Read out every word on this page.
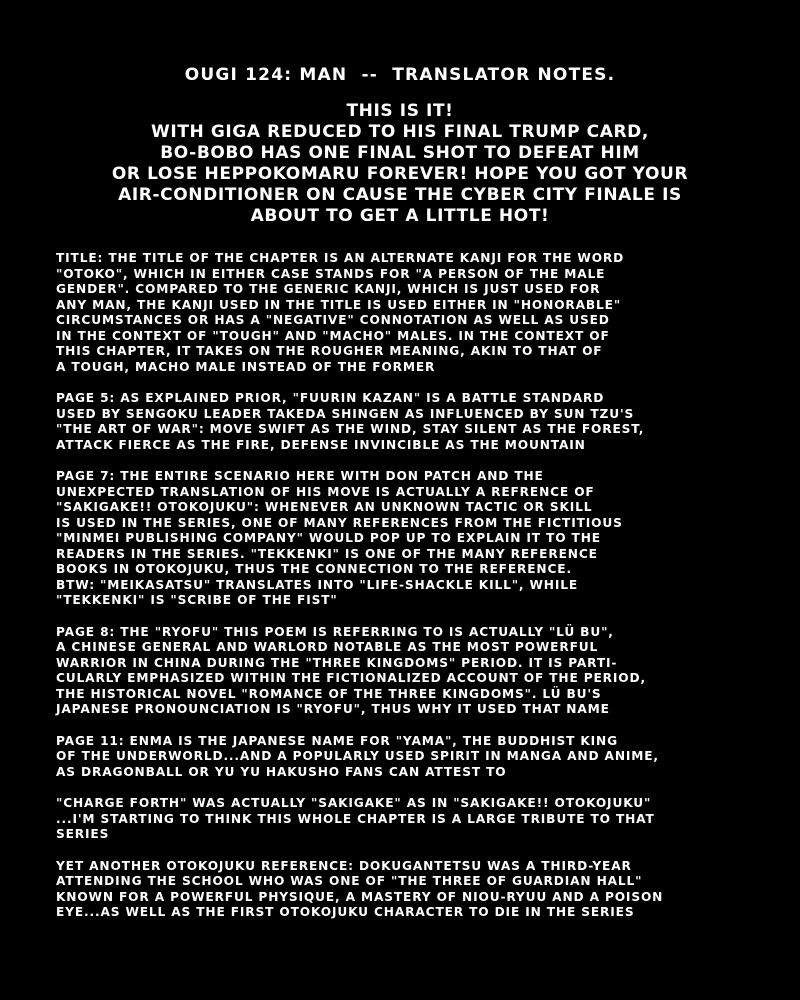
OUGI 124: MAN  --  TRANSLATOR NOTES.
THIS IS IT!
WITH GIGA REDUCED TO HIS FINAL TRUMP CARD,
BO-BOBO HAS ONE FINAL SHOT TO DEFEAT HIM
OR LOSE HEPPOKOMARU FOREVER! HOPE YOU GOT YOUR
AIR-CONDITIONER ON CAUSE THE CYBER CITY FINALE IS
ABOUT TO GET A LITTLE HOT!
TITLE: THE TITLE OF THE CHAPTER IS AN ALTERNATE KANJI FOR THE WORD
"OTOKO", WHICH IN EITHER CASE STANDS FOR "A PERSON OF THE MALE
GENDER". COMPARED TO THE GENERIC KANJI, WHICH IS JUST USED FOR
ANY MAN, THE KANJI USED IN THE TITLE IS USED EITHER IN "HONORABLE"
CIRCUMSTANCES OR HAS A "NEGATIVE" CONNOTATION AS WELL AS USED
IN THE CONTEXT OF "TOUGH" AND "MACHO" MALES. IN THE CONTEXT OF
THIS CHAPTER, IT TAKES ON THE ROUGHER MEANING, AKIN TO THAT OF
A TOUGH, MACHO MALE INSTEAD OF THE FORMER
PAGE 5: AS EXPLAINED PRIOR, "FUURIN KAZAN" IS A BATTLE STANDARD
USED BY SENGOKU LEADER TAKEDA SHINGEN AS INFLUENCED BY SUN TZU'S
"THE ART OF WAR": MOVE SWIFT AS THE WIND, STAY SILENT AS THE FOREST,
ATTACK FIERCE AS THE FIRE, DEFENSE INVINCIBLE AS THE MOUNTAIN
PAGE 7: THE ENTIRE SCENARIO HERE WITH DON PATCH AND THE
UNEXPECTED TRANSLATION OF HIS MOVE IS ACTUALLY A REFRENCE OF
"SAKIGAKE!! OTOKOJUKU": WHENEVER AN UNKNOWN TACTIC OR SKILL
IS USED IN THE SERIES, ONE OF MANY REFERENCES FROM THE FICTITIOUS
"MINMEI PUBLISHING COMPANY" WOULD POP UP TO EXPLAIN IT TO THE
READERS IN THE SERIES. "TEKKENKI" IS ONE OF THE MANY REFERENCE
BOOKS IN OTOKOJUKU, THUS THE CONNECTION TO THE REFERENCE.
BTW: "MEIKASATSU" TRANSLATES INTO "LIFE-SHACKLE KILL", WHILE
"TEKKENKI" IS "SCRIBE OF THE FIST"
PAGE 8: THE "RYOFU" THIS POEM IS REFERRING TO IS ACTUALLY "LÜ BU",
A CHINESE GENERAL AND WARLORD NOTABLE AS THE MOST POWERFUL
WARRIOR IN CHINA DURING THE "THREE KINGDOMS" PERIOD. IT IS PARTI-
CULARLY EMPHASIZED WITHIN THE FICTIONALIZED ACCOUNT OF THE PERIOD,
THE HISTORICAL NOVEL "ROMANCE OF THE THREE KINGDOMS". LÜ BU'S
JAPANESE PRONOUNCIATION IS "RYOFU", THUS WHY IT USED THAT NAME
PAGE 11: ENMA IS THE JAPANESE NAME FOR "YAMA", THE BUDDHIST KING
OF THE UNDERWORLD...AND A POPULARLY USED SPIRIT IN MANGA AND ANIME,
AS DRAGONBALL OR YU YU HAKUSHO FANS CAN ATTEST TO
"CHARGE FORTH" WAS ACTUALLY "SAKIGAKE" AS IN "SAKIGAKE!! OTOKOJUKU"
...I'M STARTING TO THINK THIS WHOLE CHAPTER IS A LARGE TRIBUTE TO THAT
SERIES
YET ANOTHER OTOKOJUKU REFERENCE: DOKUGANTETSU WAS A THIRD-YEAR
ATTENDING THE SCHOOL WHO WAS ONE OF "THE THREE OF GUARDIAN HALL"
KNOWN FOR A POWERFUL PHYSIQUE, A MASTERY OF NIOU-RYUU AND A POISON
EYE...AS WELL AS THE FIRST OTOKOJUKU CHARACTER TO DIE IN THE SERIES
